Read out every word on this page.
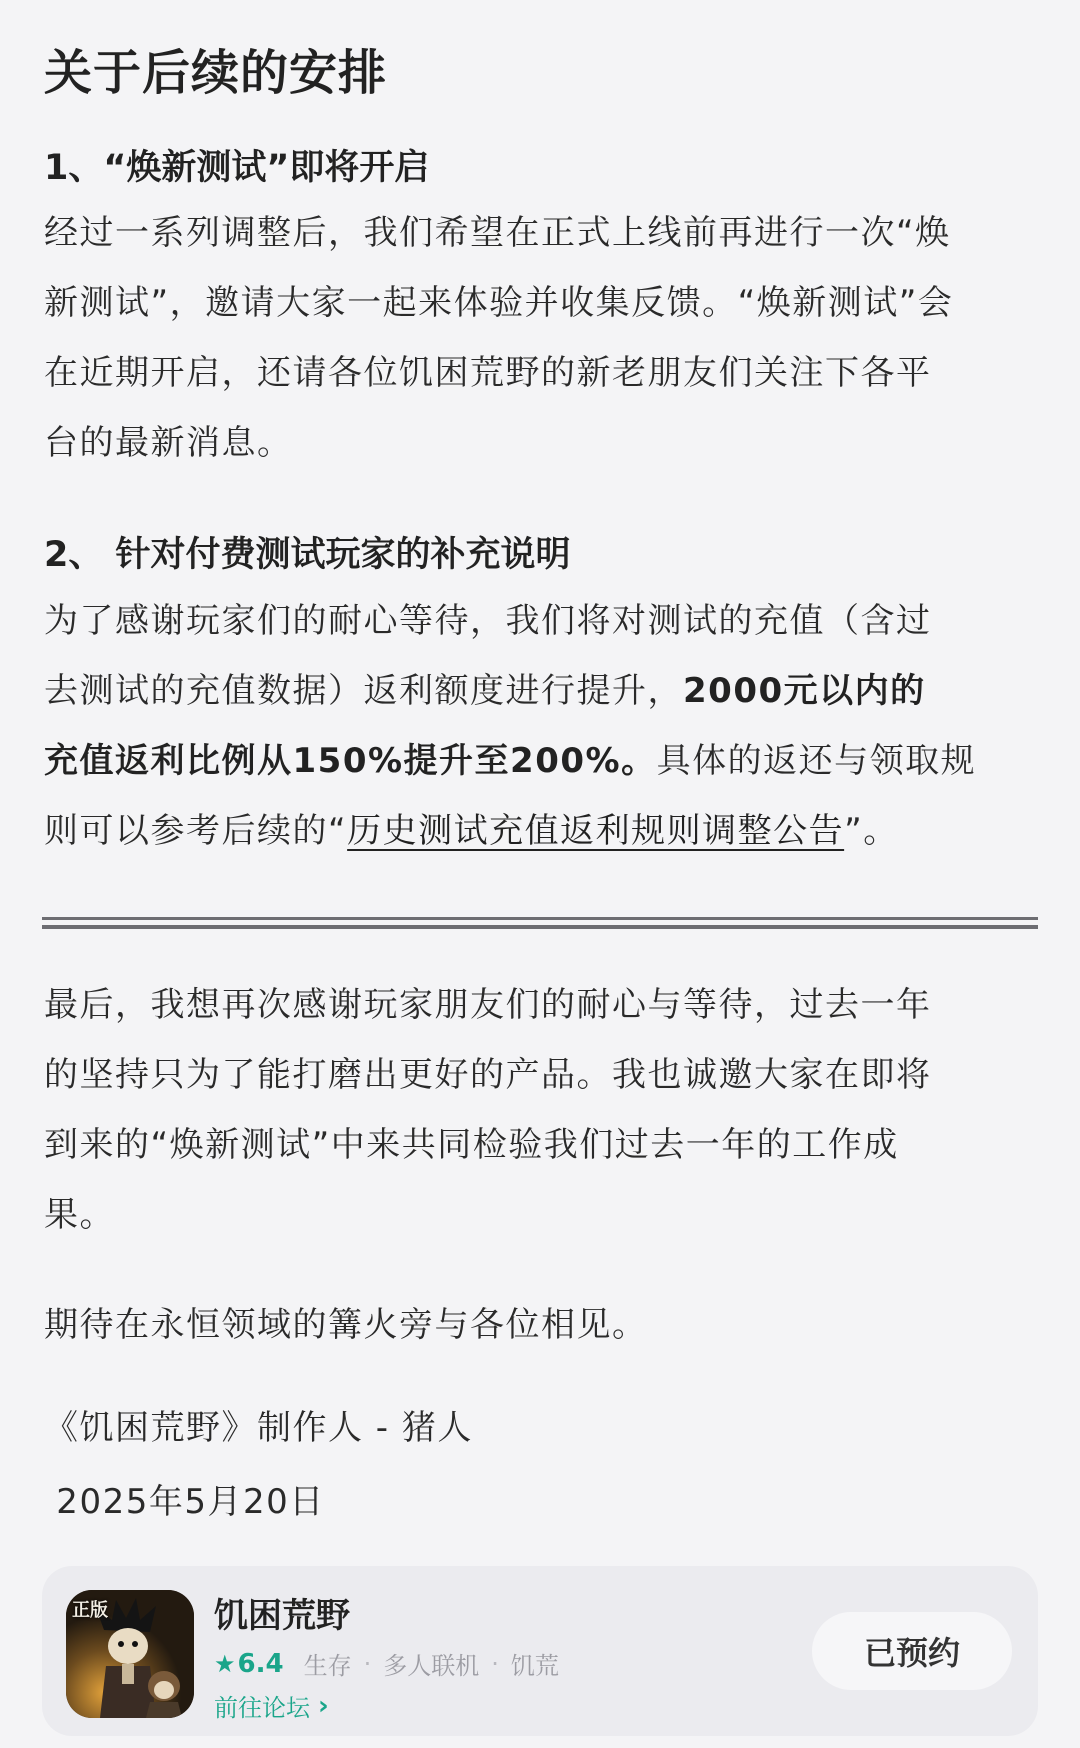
关于后续的安排
1、“焕新测试”即将开启
经过一系列调整后，我们希望在正式上线前再进行一次“焕
新测试”，邀请大家一起来体验并收集反馈。“焕新测试”会
在近期开启，还请各位饥困荒野的新老朋友们关注下各平
台的最新消息。
2、 针对付费测试玩家的补充说明
为了感谢玩家们的耐心等待，我们将对测试的充值（含过
去测试的充值数据）返利额度进行提升，2000元以内的
充值返利比例从150%提升至200%。具体的返还与领取规
则可以参考后续的“历史测试充值返利规则调整公告”。
最后，我想再次感谢玩家朋友们的耐心与等待，过去一年
的坚持只为了能打磨出更好的产品。我也诚邀大家在即将
到来的“焕新测试”中来共同检验我们过去一年的工作成
果。
期待在永恒领域的篝火旁与各位相见。
《饥困荒野》制作人 - 猪人
2025年5月20日
正版	饥困荒野
★ 6.4 生存 · 多人联机 · 饥荒
前往论坛 ›
已预约
